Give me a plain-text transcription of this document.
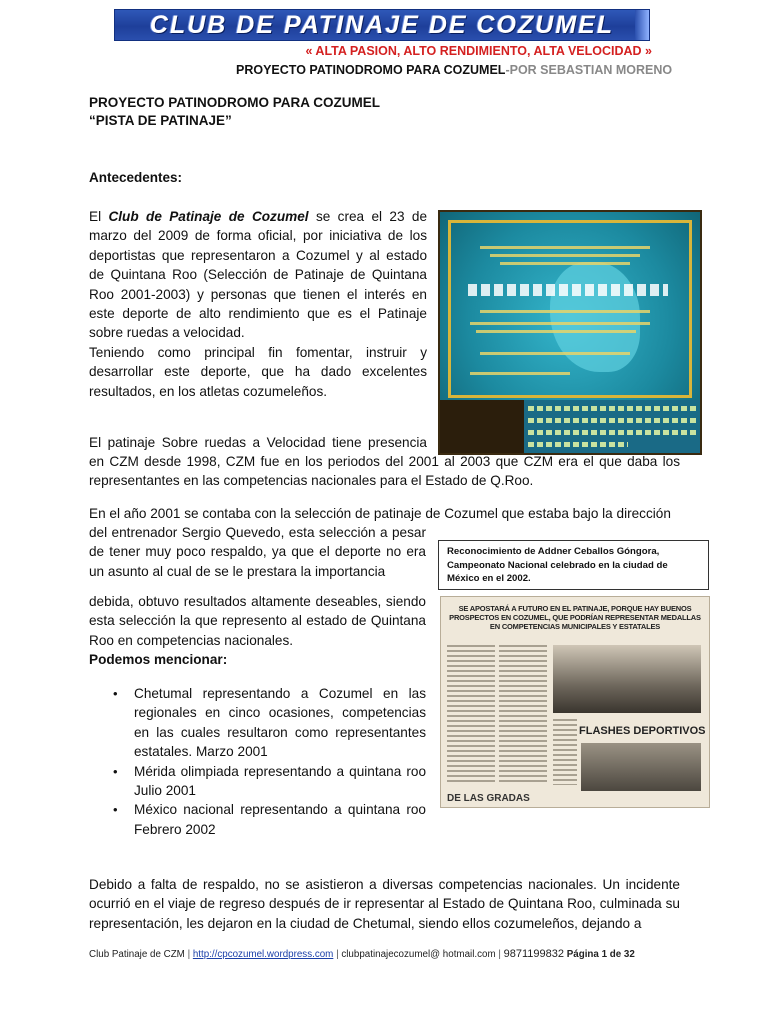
CLUB DE PATINAJE DE COZUMEL
« ALTA PASION, ALTO RENDIMIENTO, ALTA VELOCIDAD »
PROYECTO PATINODROMO PARA COZUMEL-POR SEBASTIAN MORENO
PROYECTO PATINODROMO PARA COZUMEL
“PISTA DE PATINAJE”
Antecedentes:
El Club de Patinaje de Cozumel se crea el 23 de marzo del 2009 de forma oficial, por iniciativa de los deportistas que representaron a Cozumel y al estado de Quintana Roo (Selección de Patinaje de Quintana Roo 2001-2003) y personas que tienen el interés en este deporte de alto rendimiento que es el Patinaje sobre ruedas a velocidad.
Teniendo como principal fin fomentar, instruir y desarrollar este deporte, que ha dado excelentes resultados, en los atletas cozumeleños.
El patinaje Sobre ruedas a Velocidad tiene presencia
en CZM desde 1998, CZM fue en los periodos del 2001 al 2003 que CZM era el que daba los representantes en las competencias nacionales para el Estado de Q.Roo.
En el año 2001 se contaba con la selección de patinaje de Cozumel que estaba bajo la dirección
del entrenador Sergio Quevedo, esta selección a pesar de tener muy poco respaldo, ya que el deporte no era un asunto al cual de se le prestara la importancia
Reconocimiento de Addner Ceballos Góngora, Campeonato Nacional celebrado en la ciudad de México en el 2002.
debida, obtuvo resultados altamente deseables, siendo esta selección la que represento al estado de Quintana Roo en competencias nacionales.
Podemos mencionar:
SE APOSTARÁ A FUTURO EN EL PATINAJE, PORQUE HAY BUENOS PROSPECTOS EN COZUMEL, QUE PODRÍAN REPRESENTAR MEDALLAS EN COMPETENCIAS MUNICIPALES Y ESTATALES
FLASHES DEPORTIVOS
DE LAS GRADAS
• Chetumal representando a Cozumel en las regionales en cinco ocasiones, competencias en las cuales resultaron como representantes estatales. Marzo 2001
• Mérida olimpiada representando a quintana roo Julio 2001
• México nacional representando a quintana roo Febrero 2002
Debido a falta de respaldo, no se asistieron a diversas competencias nacionales. Un incidente ocurrió en el viaje de regreso después de ir representar al Estado de Quintana Roo, culminada su representación, les dejaron en la ciudad de Chetumal, siendo ellos cozumeleños, dejando a
Club Patinaje de CZM | http://cpcozumel.wordpress.com | clubpatinajecozumel@ hotmail.com | 9871199832 Página 1 de 32
